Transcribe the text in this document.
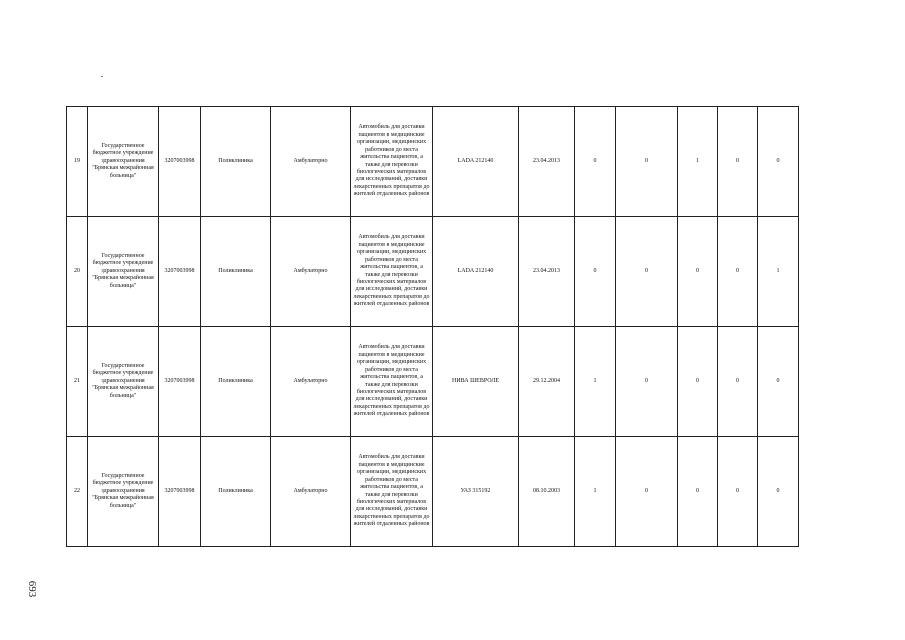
19	Государственное бюджетное учреждение здравоохранения "Брянская межрайонная больница"	3207003998	Поликлиника	Амбулаторно	Автомобиль для доставки пациентов в медицинские организации, медицинских работников до места жительства пациентов, а также для перевозки биологических материалов для исследований, доставки лекарственных препаратов до жителей отдаленных районов	LADA 212140	23.04.2013	0	0	1	0	0
20	Государственное бюджетное учреждение здравоохранения "Брянская межрайонная больница"	3207003998	Поликлиника	Амбулаторно	Автомобиль для доставки пациентов в медицинские организации, медицинских работников до места жительства пациентов, а также для перевозки биологических материалов для исследований, доставки лекарственных препаратов до жителей отдаленных районов	LADA 212140	23.04.2013	0	0	0	0	1
21	Государственное бюджетное учреждение здравоохранения "Брянская межрайонная больница"	3207003998	Поликлиника	Амбулаторно	Автомобиль для доставки пациентов в медицинские организации, медицинских работников до места жительства пациентов, а также для перевозки биологических материалов для исследований, доставки лекарственных препаратов до жителей отдаленных районов	НИВА ШЕВРОЛЕ	29.12.2004	1	0	0	0	0
22	Государственное бюджетное учреждение здравоохранения "Брянская межрайонная больница"	3207003998	Поликлиника	Амбулаторно	Автомобиль для доставки пациентов в медицинские организации, медицинских работников до места жительства пациентов, а также для перевозки биологических материалов для исследований, доставки лекарственных препаратов до жителей отдаленных районов	УАЗ 315192	08.10.2003	1	0	0	0	0
693
